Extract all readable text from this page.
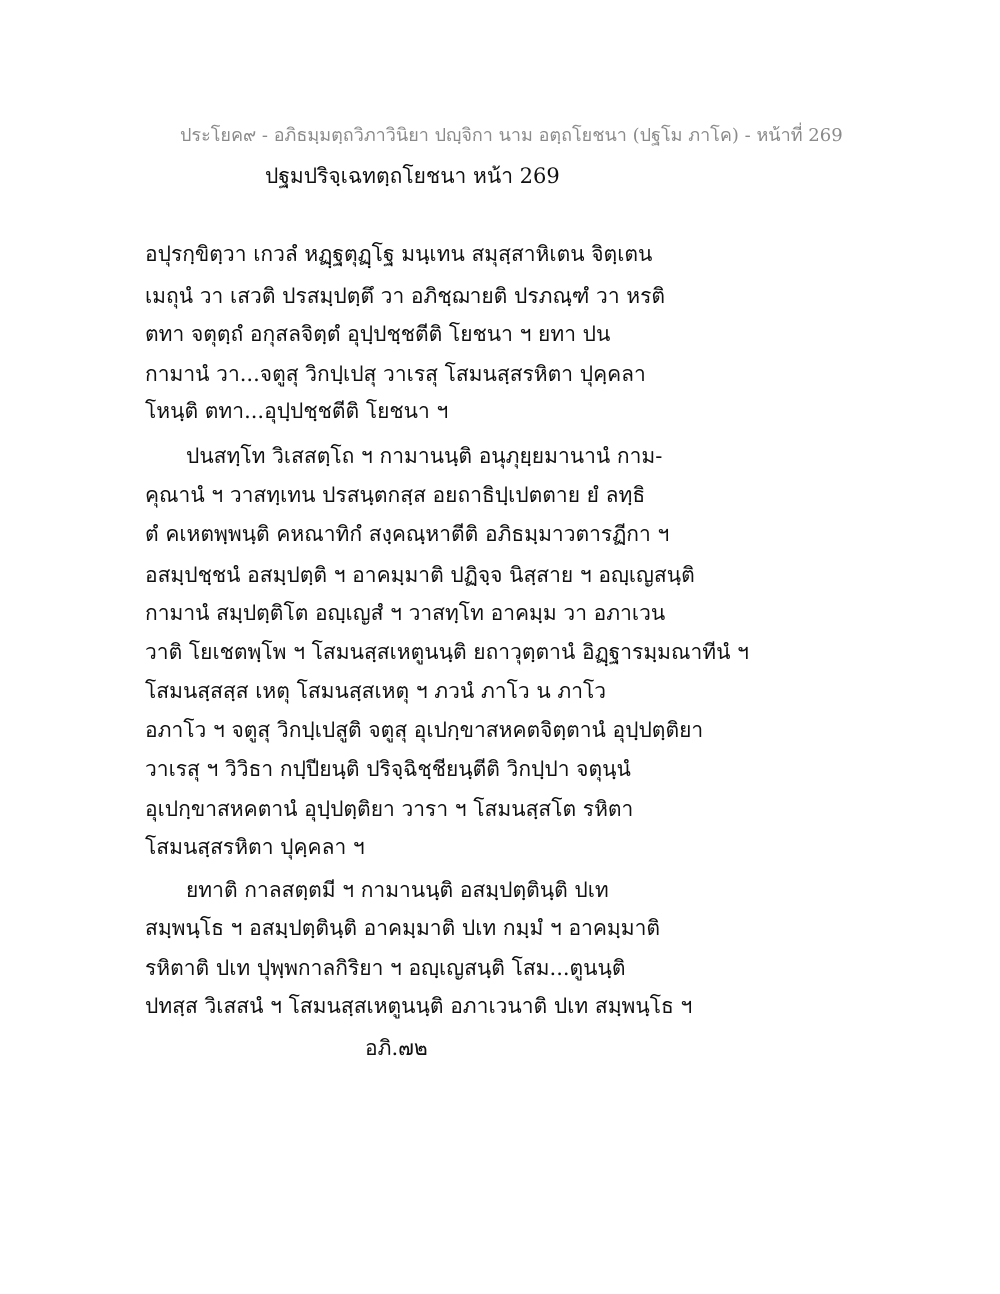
ประโยค๙ - อภิธมฺมตฺถวิภาวินิยา ปญฺจิกา นาม อตฺถโยชนา (ปฐโม ภาโค) - หน้าที่ 269
ปฐมปริจฺเฉทตฺถโยชนา หน้า 269
อปุรกฺขิตฺวา เกวลํ หฏฺฐตุฏฺโฐ มนฺเทน สมุสฺสาหิเตน จิตฺเตน
เมถุนํ วา เสวติ ปรสมฺปตฺตึ วา อภิชฺฌายติ ปรภณฺฑํ วา หรติ
ตทา จตุตฺถํ อกุสลจิตฺตํ อุปฺปชฺชตีติ โยชนา ฯ ยทา ปน
กามานํ วา...จตูสุ วิกปฺเปสุ วาเรสุ โสมนสฺสรหิตา ปุคฺคลา
โหนฺติ ตทา...อุปฺปชฺชตีติ โยชนา ฯ
ปนสทฺโท วิเสสตฺโถ ฯ กามานนฺติ อนุภุยฺยมานานํ กาม-
คุณานํ ฯ วาสทฺเทน ปรสนฺตกสฺส อยถาธิปฺเปตตาย ยํ ลทฺธิ
ตํ คเหตพฺพนฺติ คหณาทิกํ สงฺคณฺหาตีติ อภิธมฺมาวตารฏีกา ฯ
อสมฺปชฺชนํ อสมฺปตฺติ ฯ อาคมฺมาติ ปฏิจฺจ นิสฺสาย ฯ อญฺเญสนฺติ
กามานํ สมฺปตฺติโต อญฺเญสํ ฯ วาสทฺโท อาคมฺม วา อภาเวน
วาติ โยเชตพฺโพ ฯ โสมนสฺสเหตูนนฺติ ยถาวุตฺตานํ อิฏฺฐารมฺมณาทีนํ ฯ
โสมนสฺสสฺส เหตุ โสมนสฺสเหตุ ฯ ภวนํ ภาโว น ภาโว
อภาโว ฯ จตูสุ วิกปฺเปสูติ จตูสุ อุเปกฺขาสหคตจิตฺตานํ อุปฺปตฺติยา
วาเรสุ ฯ วิวิธา กปฺปียนฺติ ปริจฺฉิชฺชียนฺตีติ วิกปฺปา จตุนฺนํ
อุเปกฺขาสหคตานํ อุปฺปตฺติยา วารา ฯ โสมนสฺสโต รหิตา
โสมนสฺสรหิตา ปุคฺคลา ฯ
ยทาติ กาลสตฺตมี ฯ กามานนฺติ อสมฺปตฺตินฺติ ปเท
สมฺพนฺโธ ฯ อสมฺปตฺตินฺติ อาคมฺมาติ ปเท กมฺมํ ฯ อาคมฺมาติ
รหิตาติ ปเท ปุพฺพกาลกิริยา ฯ อญฺเญสนฺติ โสม...ตูนนฺติ
ปทสฺส วิเสสนํ ฯ โสมนสฺสเหตูนนฺติ อภาเวนาติ ปเท สมฺพนฺโธ ฯ
อภิ.๗๒
